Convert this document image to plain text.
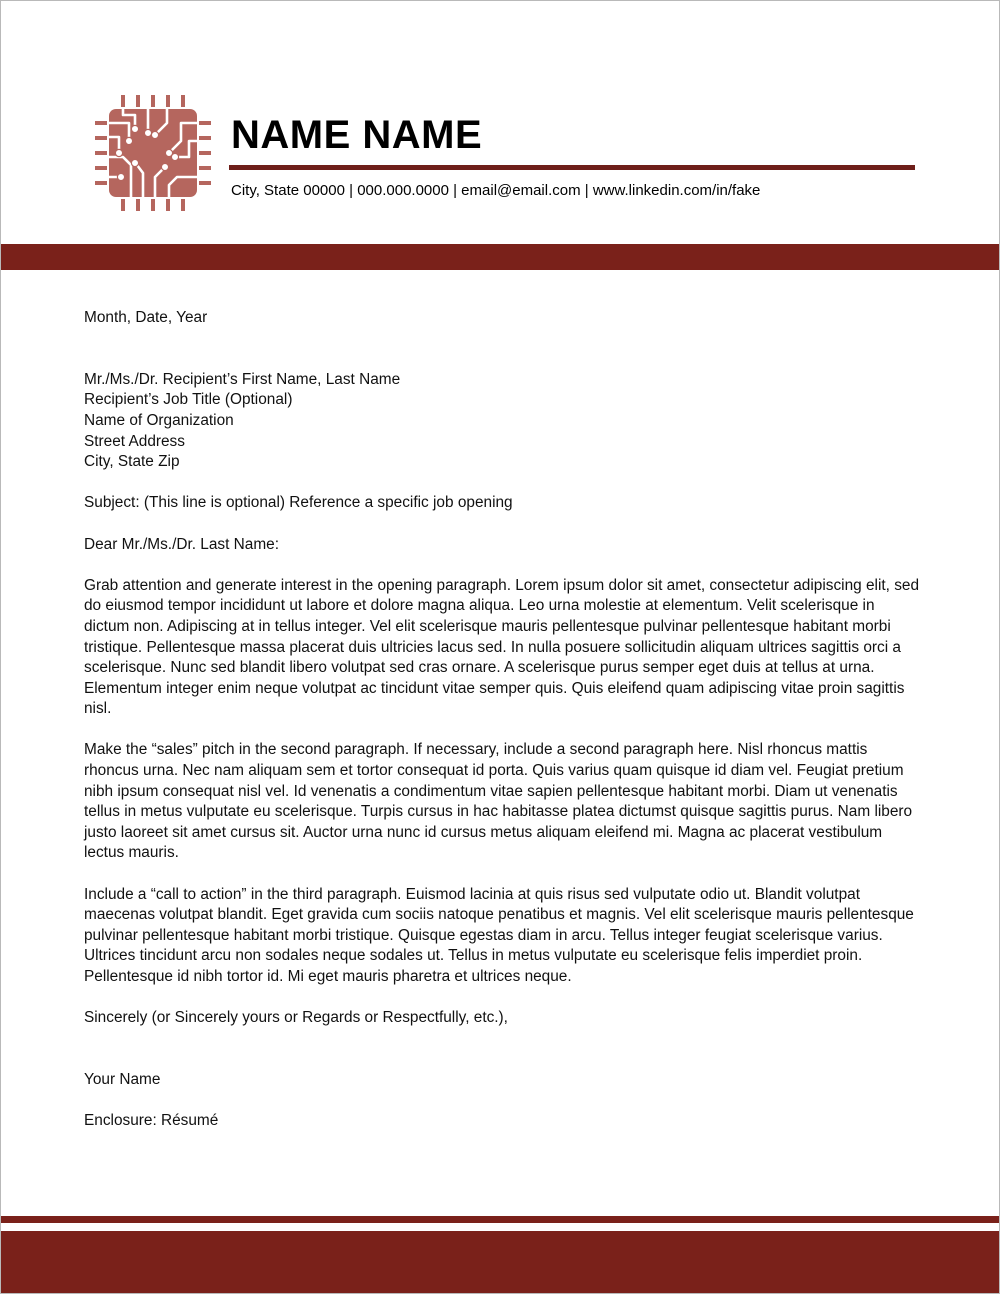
NAME NAME
City, State 00000 | 000.000.0000 | email@email.com | www.linkedin.com/in/fake

Month, Date, Year

Mr./Ms./Dr. Recipient’s First Name, Last Name

Recipient’s Job Title (Optional)

Name of Organization

Street Address

City, State Zip

Subject: (This line is optional) Reference a specific job opening

Dear Mr./Ms./Dr. Last Name:

Grab attention and generate interest in the opening paragraph. Lorem ipsum dolor sit amet, consectetur adipiscing elit, sed do eiusmod tempor incididunt ut labore et dolore magna aliqua. Leo urna molestie at elementum. Velit scelerisque in dictum non. Adipiscing at in tellus integer. Vel elit scelerisque mauris pellentesque pulvinar pellentesque habitant morbi tristique. Pellentesque massa placerat duis ultricies lacus sed. In nulla posuere sollicitudin aliquam ultrices sagittis orci a scelerisque. Nunc sed blandit libero volutpat sed cras ornare. A scelerisque purus semper eget duis at tellus at urna. Elementum integer enim neque volutpat ac tincidunt vitae semper quis. Quis eleifend quam adipiscing vitae proin sagittis nisl.

Make the “sales” pitch in the second paragraph. If necessary, include a second paragraph here. Nisl rhoncus mattis rhoncus urna. Nec nam aliquam sem et tortor consequat id porta. Quis varius quam quisque id diam vel. Feugiat pretium nibh ipsum consequat nisl vel. Id venenatis a condimentum vitae sapien pellentesque habitant morbi. Diam ut venenatis tellus in metus vulputate eu scelerisque. Turpis cursus in hac habitasse platea dictumst quisque sagittis purus. Nam libero justo laoreet sit amet cursus sit. Auctor urna nunc id cursus metus aliquam eleifend mi. Magna ac placerat vestibulum lectus mauris.

Include a “call to action” in the third paragraph. Euismod lacinia at quis risus sed vulputate odio ut. Blandit volutpat maecenas volutpat blandit. Eget gravida cum sociis natoque penatibus et magnis. Vel elit scelerisque mauris pellentesque pulvinar pellentesque habitant morbi tristique. Quisque egestas diam in arcu. Tellus integer feugiat scelerisque varius. Ultrices tincidunt arcu non sodales neque sodales ut. Tellus in metus vulputate eu scelerisque felis imperdiet proin. Pellentesque id nibh tortor id. Mi eget mauris pharetra et ultrices neque.

Sincerely (or Sincerely yours or Regards or Respectfully, etc.),

Your Name

Enclosure: Résumé
